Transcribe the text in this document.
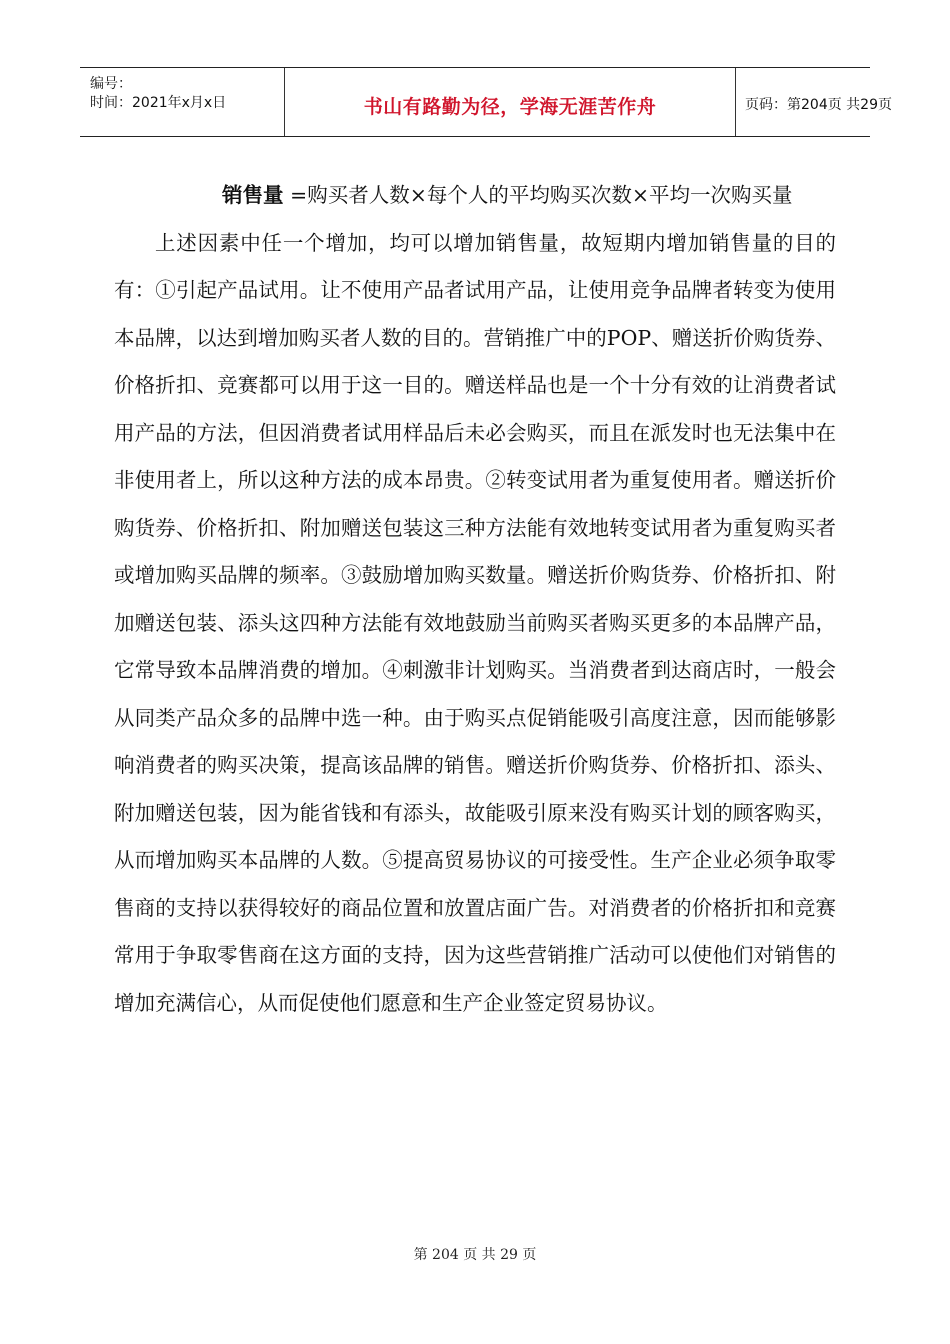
编号：
时间：2021年x月x日	书山有路勤为径，学海无涯苦作舟	页码：第204页 共29页

销售量 =购买者人数×每个人的平均购买次数×平均一次购买量

上述因素中任一个增加，均可以增加销售量，故短期内增加销售量的目的有：①引起产品试用。让不使用产品者试用产品，让使用竞争品牌者转变为使用本品牌，以达到增加购买者人数的目的。营销推广中的POP、赠送折价购货券、价格折扣、竞赛都可以用于这一目的。赠送样品也是一个十分有效的让消费者试用产品的方法，但因消费者试用样品后未必会购买，而且在派发时也无法集中在非使用者上，所以这种方法的成本昂贵。②转变试用者为重复使用者。赠送折价购货券、价格折扣、附加赠送包装这三种方法能有效地转变试用者为重复购买者或增加购买品牌的频率。③鼓励增加购买数量。赠送折价购货券、价格折扣、附加赠送包装、添头这四种方法能有效地鼓励当前购买者购买更多的本品牌产品，它常导致本品牌消费的增加。④刺激非计划购买。当消费者到达商店时，一般会从同类产品众多的品牌中选一种。由于购买点促销能吸引高度注意，因而能够影响消费者的购买决策，提高该品牌的销售。赠送折价购货券、价格折扣、添头、附加赠送包装，因为能省钱和有添头，故能吸引原来没有购买计划的顾客购买，从而增加购买本品牌的人数。⑤提高贸易协议的可接受性。生产企业必须争取零售商的支持以获得较好的商品位置和放置店面广告。对消费者的价格折扣和竞赛常用于争取零售商在这方面的支持，因为这些营销推广活动可以使他们对销售的增加充满信心，从而促使他们愿意和生产企业签定贸易协议。

第 204 页 共 29 页
